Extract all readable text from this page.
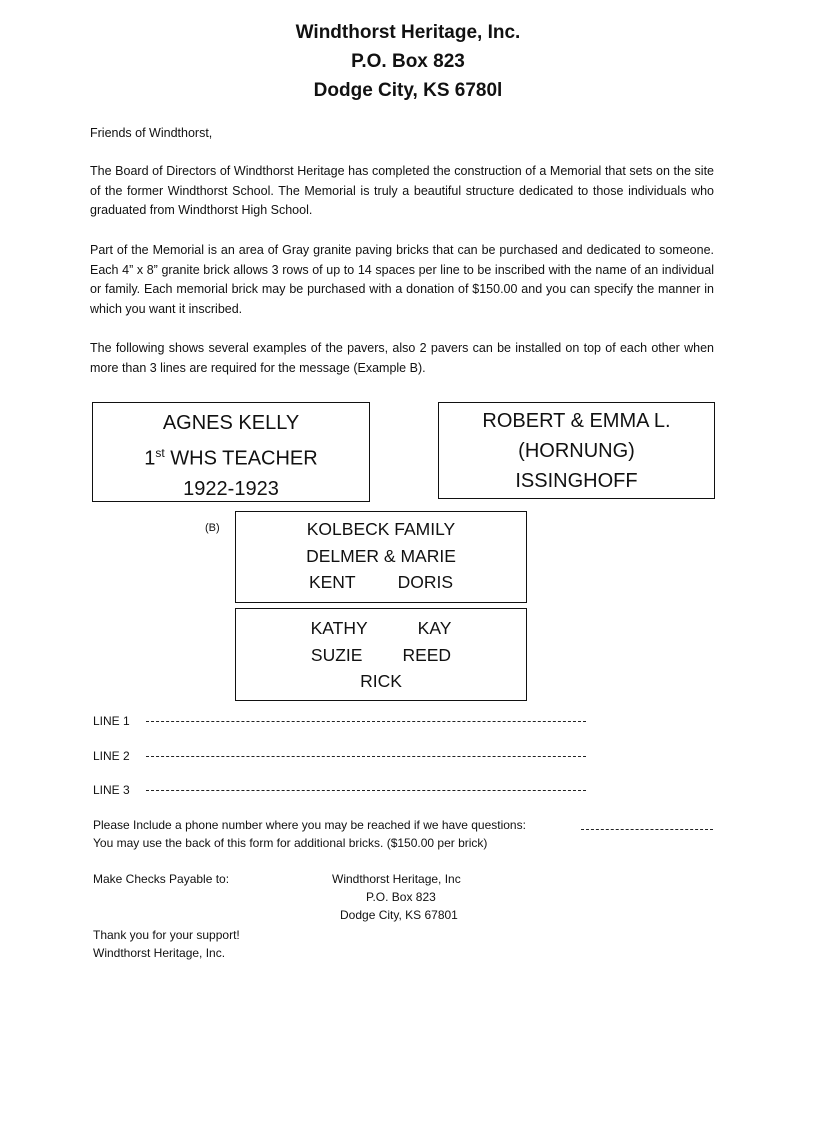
Windthorst Heritage, Inc.
P.O. Box 823
Dodge City, KS 6780l
Friends of Windthorst,
The Board of Directors of Windthorst Heritage has completed the construction of a Memorial that sets on the site of the former Windthorst School. The Memorial is truly a beautiful structure dedicated to those individuals who graduated from Windthorst High School.
Part of the Memorial is an area of Gray granite paving bricks that can be purchased and dedicated to someone. Each 4” x 8” granite brick allows 3 rows of up to 14 spaces per line to be inscribed with the name of an individual or family. Each memorial brick may be purchased with a donation of $150.00 and you can specify the manner in which you want it inscribed.
The following shows several examples of the pavers, also 2 pavers can be installed on top of each other when more than 3 lines are required for the message (Example B).
AGNES KELLY
1st WHS TEACHER
1922-1923
ROBERT & EMMA L.
(HORNUNG)
ISSINGHOFF
(B)	KOLBECK FAMILY
DELMER & MARIE
KENT DORIS
KATHY	KAY
SUZIE REED
RICK
LINE 1
LINE 2
LINE 3
Please Include a phone number where you may be reached if we have questions:
You may use the back of this form for additional bricks. ($150.00 per brick)
Make Checks Payable to:	Windthorst Heritage, Inc
P.O. Box 823
Dodge City, KS 67801
Thank you for your support!
Windthorst Heritage, Inc.
